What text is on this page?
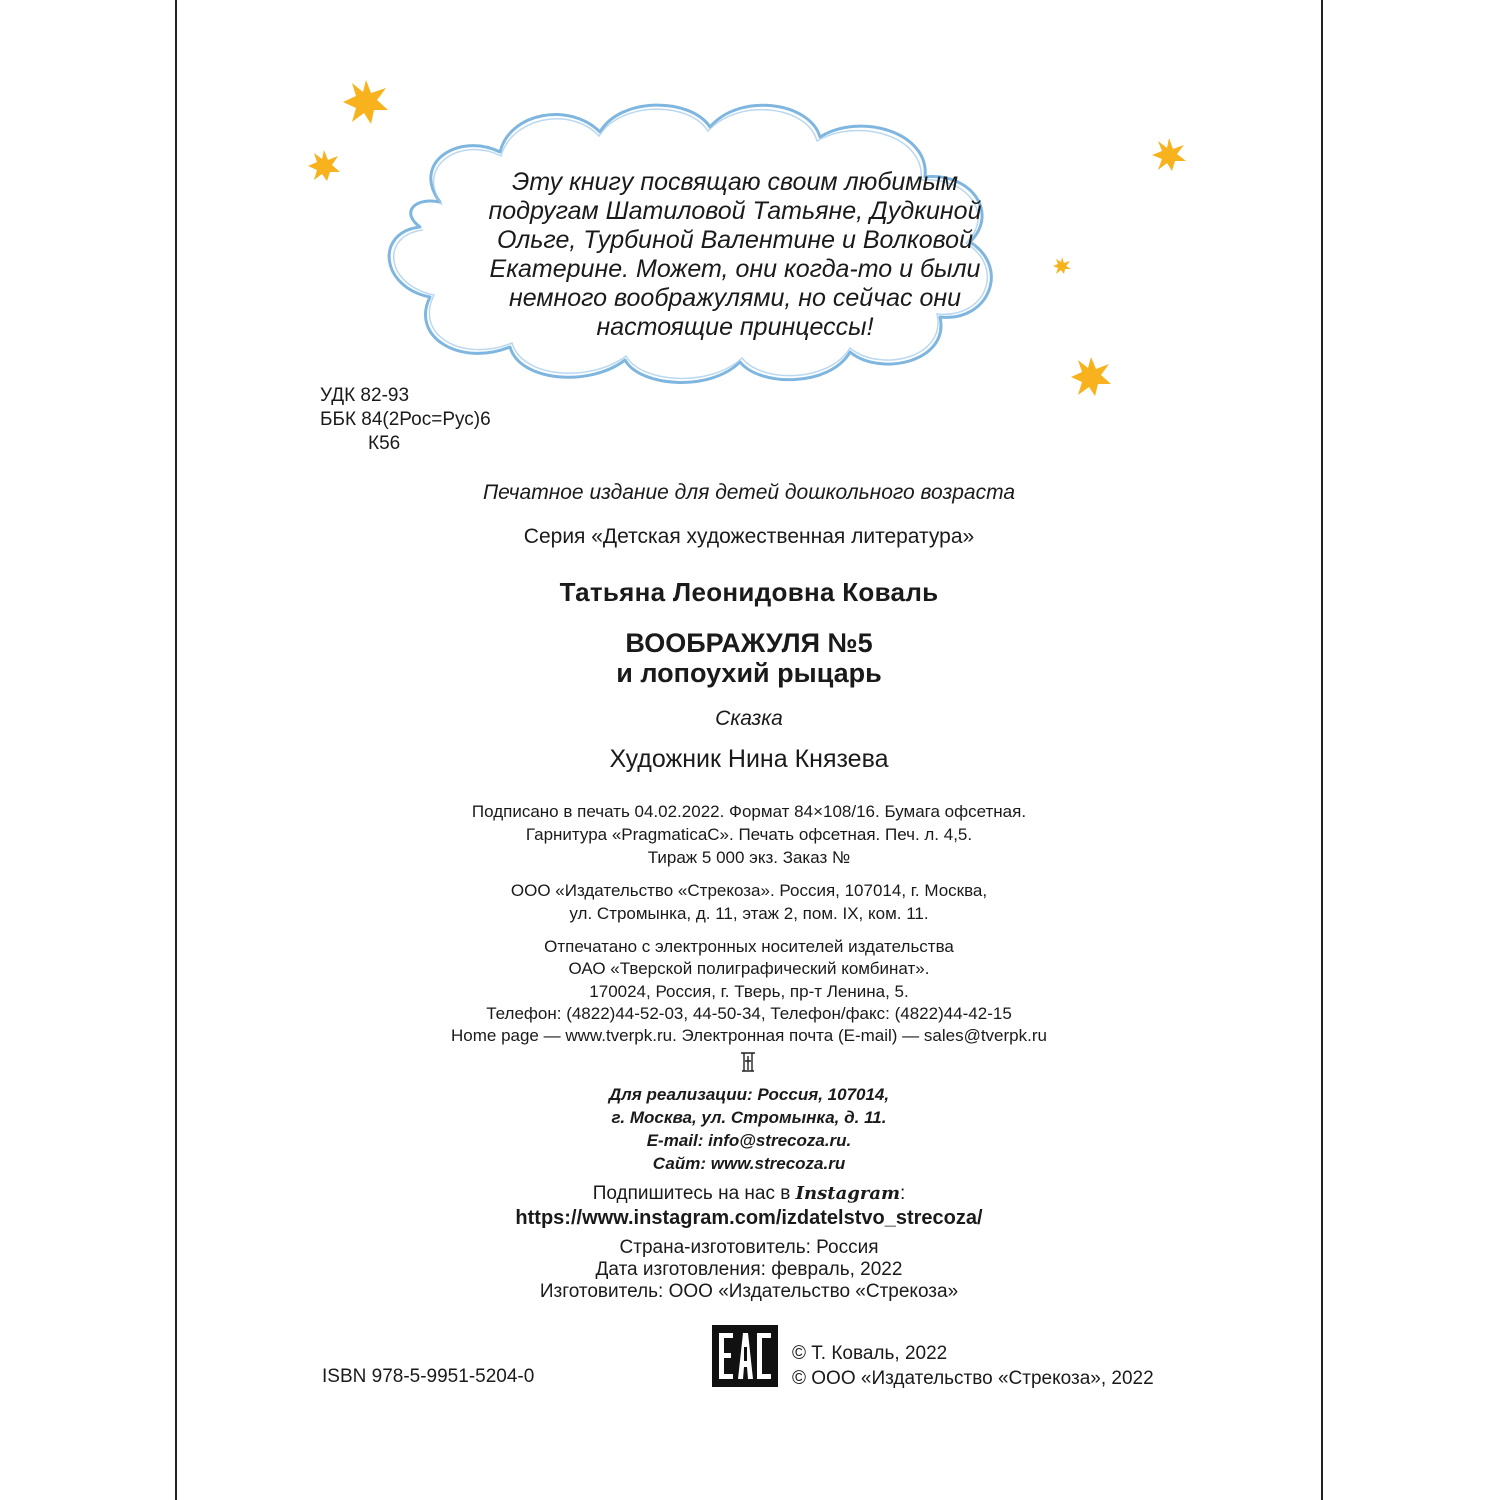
Эту книгу посвящаю своим любимым
подругам Шатиловой Татьяне, Дудкиной
Ольге, Турбиной Валентине и Волковой
Екатерине. Может, они когда-то и были
немного воображулями, но сейчас они
настоящие принцессы!
УДК 82-93
ББК 84(2Рос=Рус)6
К56
Печатное издание для детей дошкольного возраста
Серия «Детская художественная литература»
Татьяна Леонидовна Коваль
ВООБРАЖУЛЯ №5
и лопоухий рыцарь
Сказка
Художник Нина Князева
Подписано в печать 04.02.2022. Формат 84×108/16. Бумага офсетная.
Гарнитура «PragmaticaC». Печать офсетная. Печ. л. 4,5.
Тираж 5 000 экз. Заказ №
ООО «Издательство «Стрекоза». Россия, 107014, г. Москва,
ул. Стромынка, д. 11, этаж 2, пом. IX, ком. 11.
Отпечатано с электронных носителей издательства
ОАО «Тверской полиграфический комбинат».
170024, Россия, г. Тверь, пр-т Ленина, 5.
Телефон: (4822)44-52-03, 44-50-34, Телефон/факс: (4822)44-42-15
Home page — www.tverpk.ru. Электронная почта (E-mail) — sales@tverpk.ru
Для реализации: Россия, 107014,
г. Москва, ул. Стромынка, д. 11.
E-mail: info@strecoza.ru.
Сайт: www.strecoza.ru
Подпишитесь на нас в Instagram:
https://www.instagram.com/izdatelstvo_strecoza/
Страна-изготовитель: Россия
Дата изготовления: февраль, 2022
Изготовитель: ООО «Издательство «Стрекоза»
ISBN 978-5-9951-5204-0
© Т. Коваль, 2022
© ООО «Издательство «Стрекоза», 2022
